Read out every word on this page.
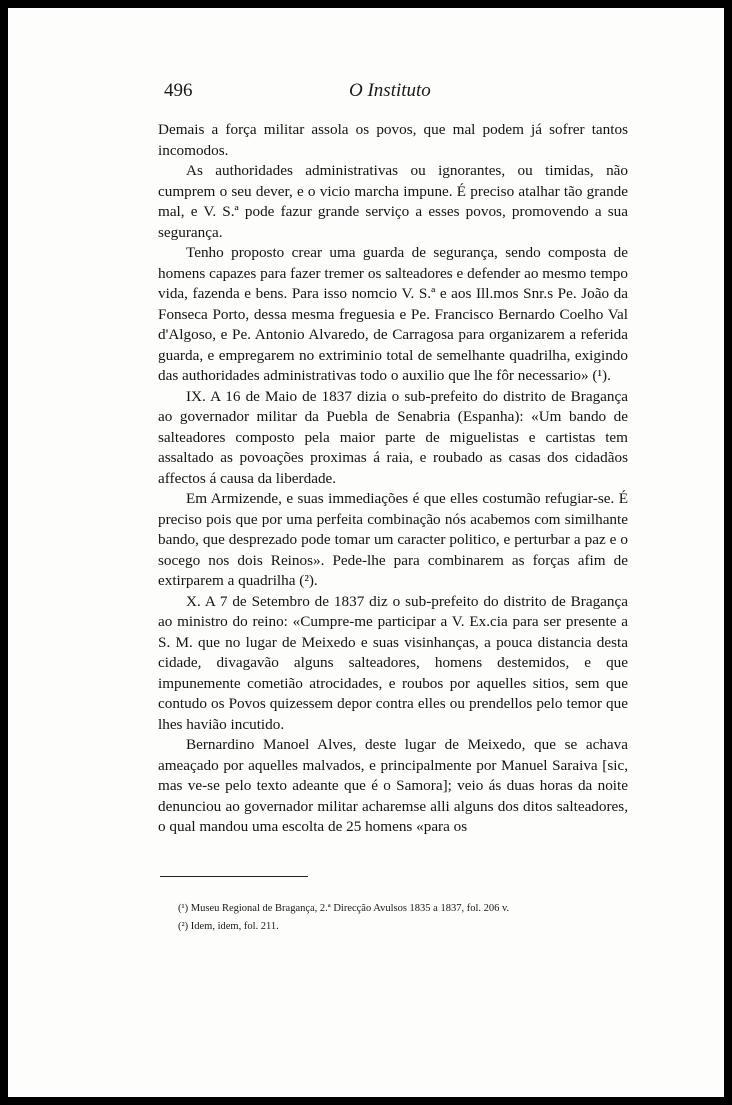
496	O Instituto

Demais a força militar assola os povos, que mal podem já sofrer tantos incomodos.

As authoridades administrativas ou ignorantes, ou timidas, não cumprem o seu dever, e o vicio marcha impune. É preciso atalhar tão grande mal, e V. S.ª pode fazur grande serviço a esses povos, promovendo a sua segurança.

Tenho proposto crear uma guarda de segurança, sendo composta de homens capazes para fazer tremer os salteadores e defender ao mesmo tempo vida, fazenda e bens. Para isso nomcio V. S.ª e aos Ill.mos Snr.s Pe. João da Fonseca Porto, dessa mesma freguesia e Pe. Francisco Bernardo Coelho Val d'Algoso, e Pe. Antonio Alvaredo, de Carragosa para organizarem a referida guarda, e empregarem no extriminio total de semelhante quadrilha, exigindo das authoridades administrativas todo o auxilio que lhe fôr necessario» (¹).

IX. A 16 de Maio de 1837 dizia o sub-prefeito do distrito de Bragança ao governador militar da Puebla de Senabria (Espanha): «Um bando de salteadores composto pela maior parte de miguelistas e cartistas tem assaltado as povoações proximas á raia, e roubado as casas dos cidadãos affectos á causa da liberdade.

Em Armizende, e suas immediações é que elles costumão refugiar-se. É preciso pois que por uma perfeita combinação nós acabemos com similhante bando, que desprezado pode tomar um caracter politico, e perturbar a paz e o socego nos dois Reinos». Pede-lhe para combinarem as forças afim de extirparem a quadrilha (²).

X. A 7 de Setembro de 1837 diz o sub-prefeito do distrito de Bragança ao ministro do reino: «Cumpre-me participar a V. Ex.cia para ser presente a S. M. que no lugar de Meixedo e suas visinhanças, a pouca distancia desta cidade, divagavão alguns salteadores, homens destemidos, e que impunemente cometião atrocidades, e roubos por aquelles sitios, sem que contudo os Povos quizessem depor contra elles ou prendellos pelo temor que lhes havião incutido.

Bernardino Manoel Alves, deste lugar de Meixedo, que se achava ameaçado por aquelles malvados, e principalmente por Manuel Saraiva [sic, mas ve-se pelo texto adeante que é o Samora]; veio ás duas horas da noite denunciou ao governador militar acharemse alli alguns dos ditos salteadores, o qual mandou uma escolta de 25 homens «para os

(¹) Museu Regional de Bragança, 2.ª Direcção Avulsos 1835 a 1837, fol. 206 v.
(²) Idem, idem, fol. 211.
